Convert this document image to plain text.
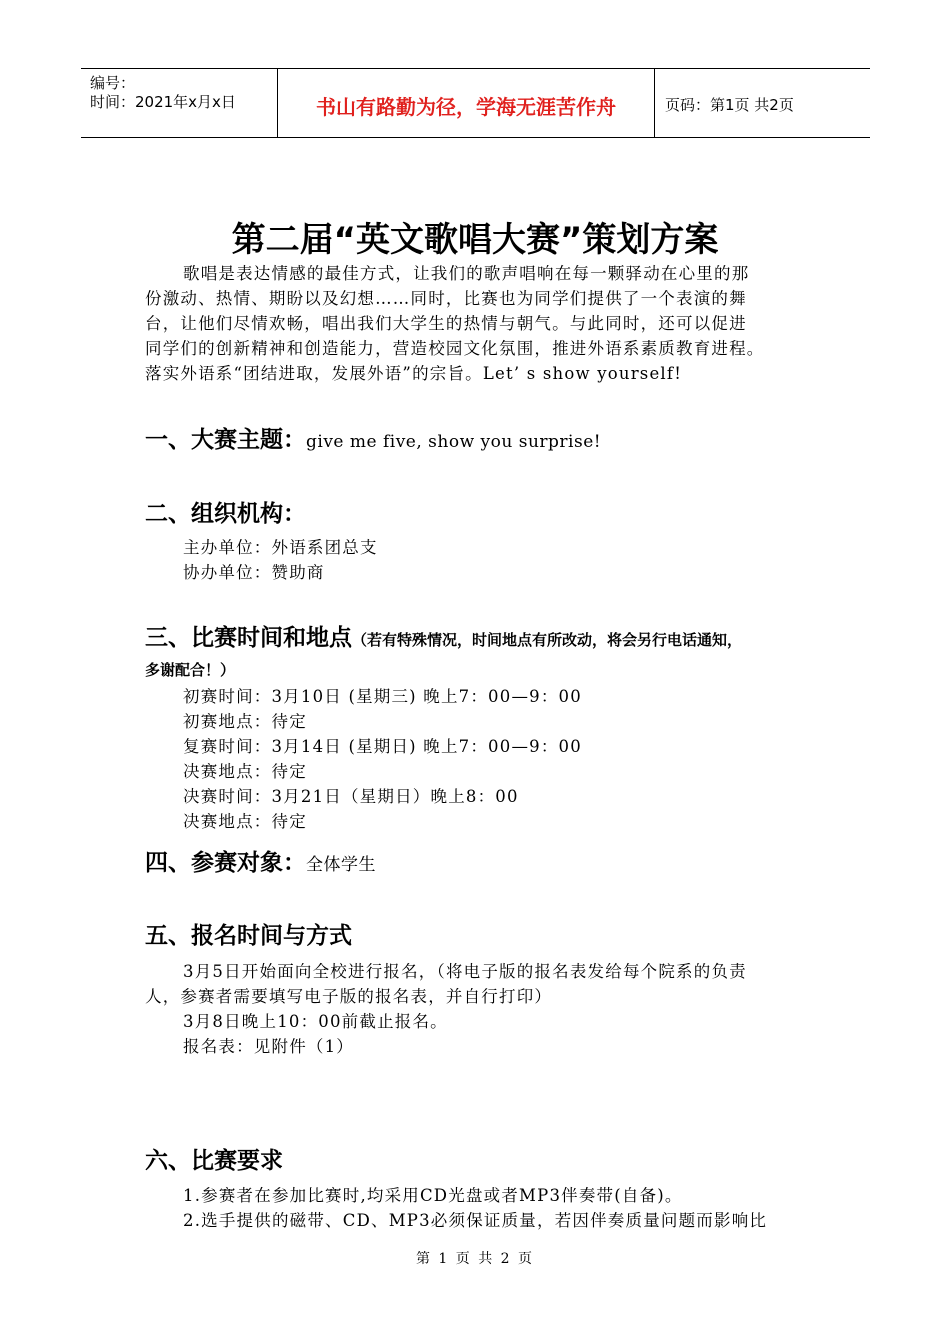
编号：
时间：2021年x月x日	书山有路勤为径，学海无涯苦作舟	页码：第1页 共2页
第二届“英文歌唱大赛”策划方案
歌唱是表达情感的最佳方式，让我们的歌声唱响在每一颗驿动在心里的那
份激动、热情、期盼以及幻想……同时，比赛也为同学们提供了一个表演的舞
台，让他们尽情欢畅，唱出我们大学生的热情与朝气。与此同时，还可以促进
同学们的创新精神和创造能力，营造校园文化氛围，推进外语系素质教育进程。
落实外语系“团结进取，发展外语”的宗旨。Let’ s show yourself!
一、大赛主题：give me five, show you surprise!
二、组织机构：
主办单位：外语系团总支
协办单位：赞助商
三、比赛时间和地点（若有特殊情况，时间地点有所改动，将会另行电话通知，
多谢配合！）
初赛时间：3月10日 (星期三) 晚上7：00—9：00
初赛地点：待定
复赛时间：3月14日 (星期日) 晚上7：00—9：00
决赛地点：待定
决赛时间：3月21日（星期日）晚上8：00
决赛地点：待定
四、参赛对象：全体学生
五、报名时间与方式
3月5日开始面向全校进行报名，（将电子版的报名表发给每个院系的负责
人，参赛者需要填写电子版的报名表，并自行打印）
3月8日晚上10：00前截止报名。
报名表：见附件（1）
六、比赛要求
1.参赛者在参加比赛时,均采用CD光盘或者MP3伴奏带(自备)。
2.选手提供的磁带、CD、MP3必须保证质量，若因伴奏质量问题而影响比
第 1 页 共 2 页
